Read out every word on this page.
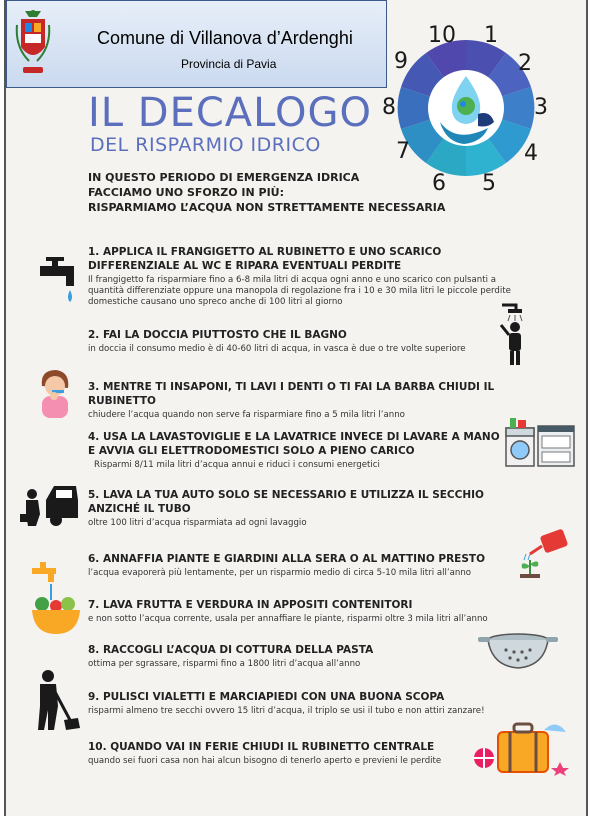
Comune di Villanova d’Ardenghi
Provincia di Pavia
IL DECALOGO
DEL RISPARMIO IDRICO
10 1
2
3
4
5
6
7
8
9
IN QUESTO PERIODO DI EMERGENZA IDRICA
FACCIAMO UNO SFORZO IN PIÙ:
RISPARMIAMO L’ACQUA NON STRETTAMENTE NECESSARIA
1. APPLICA IL FRANGIGETTO AL RUBINETTO E UNO SCARICO DIFFERENZIALE AL WC E RIPARA EVENTUALI PERDITE
Il frangigetto fa risparmiare fino a 6-8 mila litri di acqua ogni anno e uno scarico con pulsanti a quantità differenziate oppure una manopola di regolazione fra i 10 e 30 mila litri le piccole perdite domestiche causano uno spreco anche di 100 litri al giorno
2. FAI LA DOCCIA PIUTTOSTO CHE IL BAGNO
in doccia il consumo medio è di 40-60 litri di acqua, in vasca è due o tre volte superiore
3. MENTRE TI INSAPONI, TI LAVI I DENTI O TI FAI LA BARBA CHIUDI IL RUBINETTO
chiudere l’acqua quando non serve fa risparmiare fino a 5 mila litri l’anno
4. USA LA LAVASTOVIGLIE E LA LAVATRICE INVECE DI LAVARE A MANO E AVVIA GLI ELETTRODOMESTICI SOLO A PIENO CARICO
Risparmi 8/11 mila litri d’acqua annui e riduci i consumi energetici
5. LAVA LA TUA AUTO SOLO SE NECESSARIO E UTILIZZA IL SECCHIO ANZICHÉ IL TUBO
oltre 100 litri d’acqua risparmiata ad ogni lavaggio
6. ANNAFFIA PIANTE E GIARDINI ALLA SERA O AL MATTINO PRESTO
l’acqua evaporerà più lentamente, per un risparmio medio di circa 5-10 mila litri all’anno
7. LAVA FRUTTA E VERDURA IN APPOSITI CONTENITORI
e non sotto l’acqua corrente, usala per annaffiare le piante, risparmi oltre 3 mila litri all’anno
8. RACCOGLI L’ACQUA DI COTTURA DELLA PASTA
ottima per sgrassare, risparmi fino a 1800 litri d’acqua all’anno
9. PULISCI VIALETTI E MARCIAPIEDI CON UNA BUONA SCOPA
risparmi almeno tre secchi ovvero 15 litri d’acqua, il triplo se usi il tubo e non attiri zanzare!
10. QUANDO VAI IN FERIE CHIUDI IL RUBINETTO CENTRALE
quando sei fuori casa non hai alcun bisogno di tenerlo aperto e previeni le perdite
